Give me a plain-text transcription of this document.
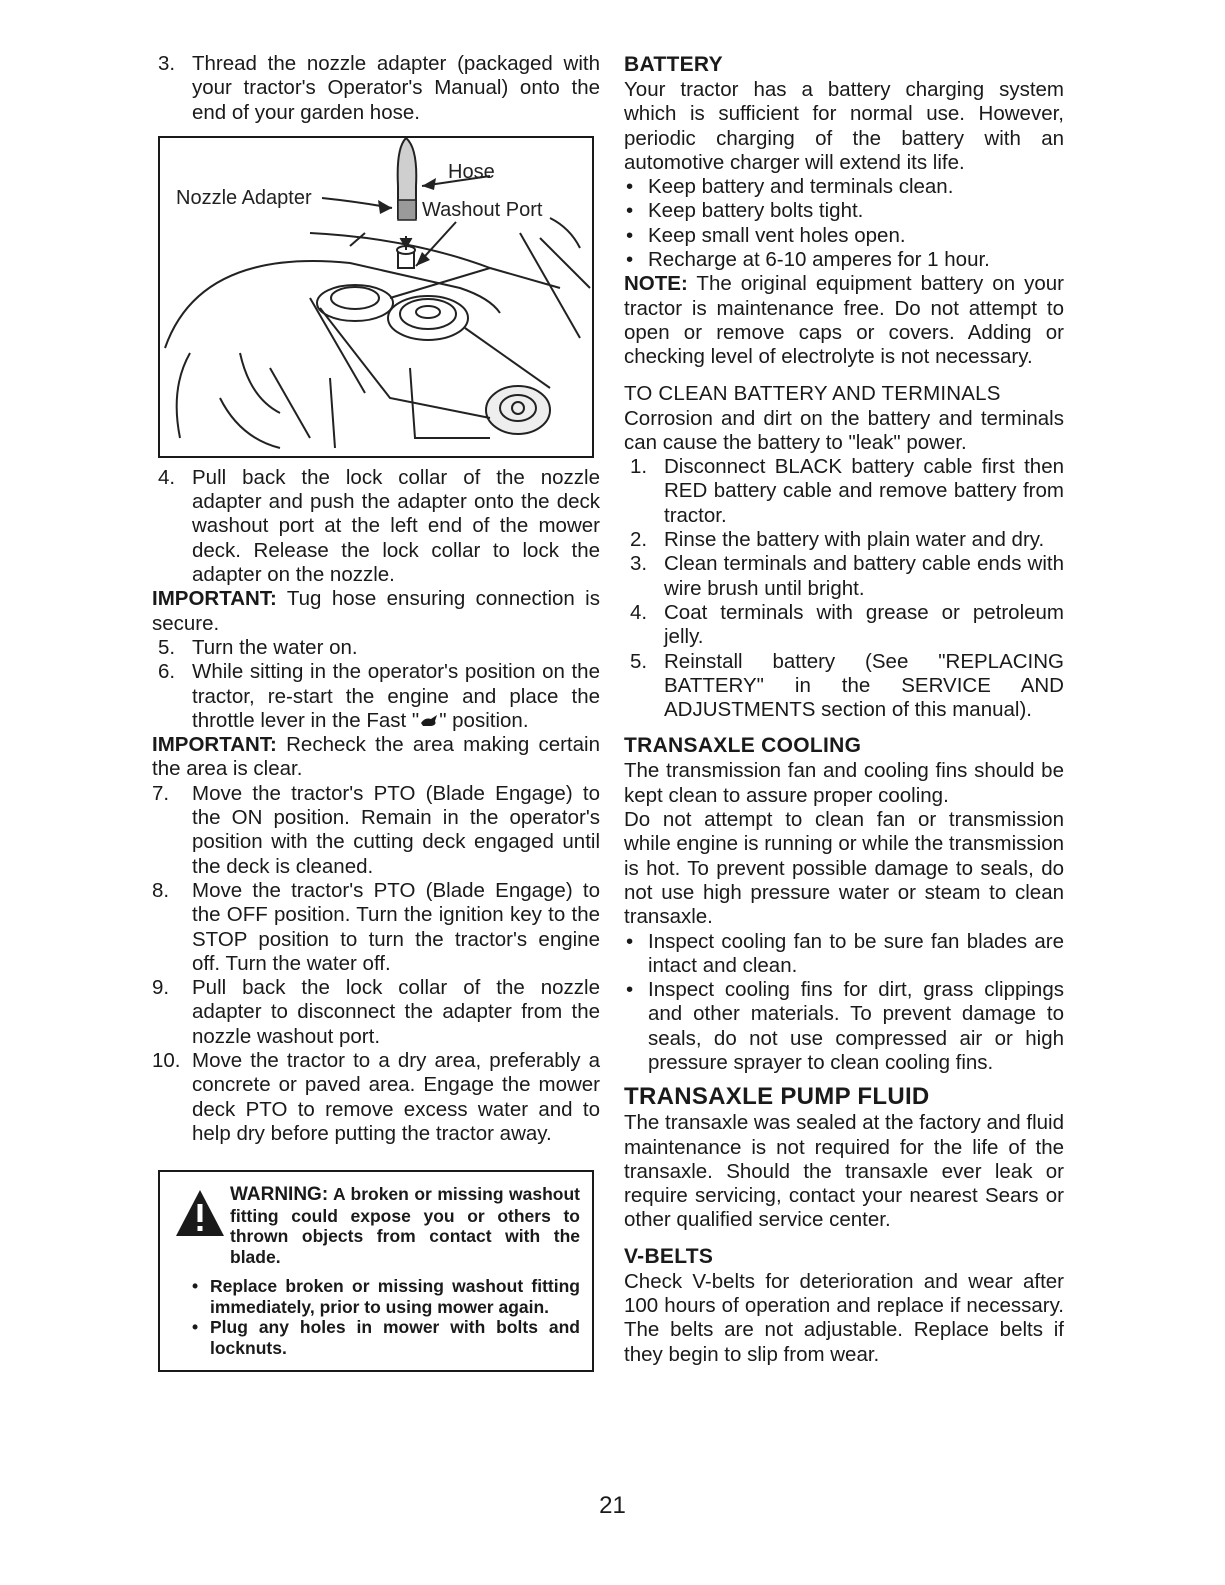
3. Thread the nozzle adapter (packaged with your tractor's Operator's Manual) onto the end of your garden hose.
Hose
Nozzle Adapter
Washout Port
4. Pull back the lock collar of the nozzle adapter and push the adapter onto the deck washout port at the left end of the mower deck. Release the lock collar to lock the adapter on the nozzle.

IMPORTANT: Tug hose ensuring connection is secure.

5. Turn the water on.
6. While sitting in the operator's position on the tractor, re-start the engine and place the throttle lever in the Fast " " position.

IMPORTANT: Recheck the area making certain the area is clear.

7. Move the tractor's PTO (Blade Engage) to the ON position. Remain in the operator's position with the cutting deck engaged until the deck is cleaned.
8. Move the tractor's PTO (Blade Engage) to the OFF position. Turn the ignition key to the STOP position to turn the tractor's engine off. Turn the water off.
9. Pull back the lock collar of the nozzle adapter to disconnect the adapter from the nozzle washout port.
10. Move the tractor to a dry area, preferably a concrete or paved area. Engage the mower deck PTO to remove excess water and to help dry before putting the tractor away.
WARNING: A broken or missing washout fitting could expose you or others to thrown objects from contact with the blade.
• Replace broken or missing washout fitting immediately, prior to using mower again.
• Plug any holes in mower with bolts and locknuts.
BATTERY

Your tractor has a battery charging system which is sufficient for normal use. However, periodic charging of the battery with an automotive charger will extend its life.

• Keep battery and terminals clean.
• Keep battery bolts tight.
• Keep small vent holes open.
• Recharge at 6-10 amperes for 1 hour.

NOTE: The original equipment battery on your tractor is maintenance free. Do not attempt to open or remove caps or covers. Adding or checking level of electrolyte is not necessary.

TO CLEAN BATTERY AND TERMINALS

Corrosion and dirt on the battery and terminals can cause the battery to "leak" power.

1. Disconnect BLACK battery cable first then RED battery cable and remove battery from tractor.
2. Rinse the battery with plain water and dry.
3. Clean terminals and battery cable ends with wire brush until bright.
4. Coat terminals with grease or petroleum jelly.
5. Reinstall battery (See "REPLACING BATTERY" in the SERVICE AND ADJUSTMENTS section of this manual).
TRANSAXLE COOLING

The transmission fan and cooling fins should be kept clean to assure proper cooling.

Do not attempt to clean fan or transmission while engine is running or while the transmission is hot. To prevent possible damage to seals, do not use high pressure water or steam to clean transaxle.

• Inspect cooling fan to be sure fan blades are intact and clean.
• Inspect cooling fins for dirt, grass clippings and other materials. To prevent damage to seals, do not use compressed air or high pressure sprayer to clean cooling fins.
TRANSAXLE PUMP FLUID

The transaxle was sealed at the factory and fluid maintenance is not required for the life of the transaxle. Should the transaxle ever leak or require servicing, contact your nearest Sears or other qualified service center.

V-BELTS

Check V-belts for deterioration and wear after 100 hours of operation and replace if necessary. The belts are not adjustable. Replace belts if they begin to slip from wear.

21
